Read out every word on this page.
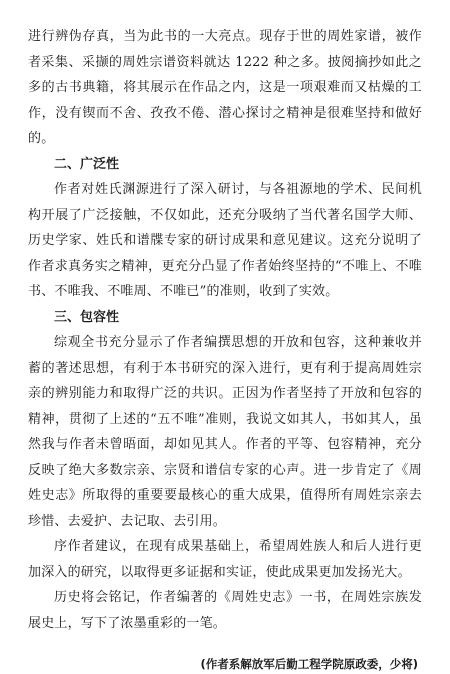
进行辨伪存真，当为此书的一大亮点。现存于世的周姓家谱，被作者采集、采撷的周姓宗谱资料就达 1222 种之多。披阅摘抄如此之多的古书典籍，将其展示在作品之内，这是一项艰难而又枯燥的工作，没有锲而不舍、孜孜不倦、潜心探讨之精神是很难坚持和做好的。

二、广泛性

作者对姓氏渊源进行了深入研讨，与各祖源地的学术、民间机构开展了广泛接触，不仅如此，还充分吸纳了当代著名国学大师、历史学家、姓氏和谱牒专家的研讨成果和意见建议。这充分说明了作者求真务实之精神，更充分凸显了作者始终坚持的“不唯上、不唯书、不唯我、不唯周、不唯已”的准则，收到了实效。

三、包容性

综观全书充分显示了作者编撰思想的开放和包容，这种兼收并蓄的著述思想，有利于本书研究的深入进行，更有利于提高周姓宗亲的辨别能力和取得广泛的共识。正因为作者坚持了开放和包容的精神，贯彻了上述的“五不唯”准则，我说文如其人，书如其人，虽然我与作者未曾晤面，却如见其人。作者的平等、包容精神，充分反映了绝大多数宗亲、宗贤和谱信专家的心声。进一步肯定了《周姓史志》所取得的重要要最核心的重大成果，值得所有周姓宗亲去珍惜、去爱护、去记取、去引用。

序作者建议，在现有成果基础上，希望周姓族人和后人进行更加深入的研究，以取得更多证据和实证，使此成果更加发扬光大。

历史将会铭记，作者编著的《周姓史志》一书，在周姓宗族发展史上，写下了浓墨重彩的一笔。

(作者系解放军后勤工程学院原政委，少将)
